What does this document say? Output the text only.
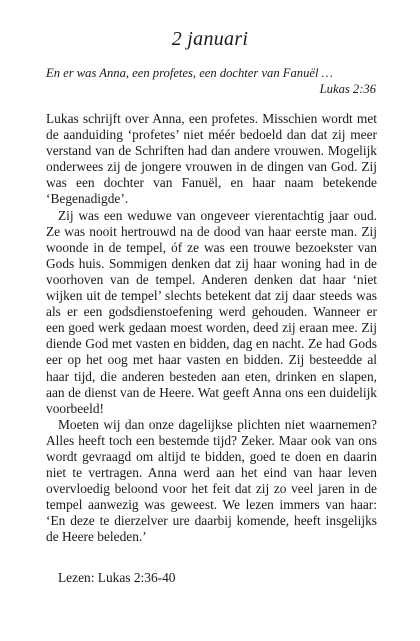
2 januari
En er was Anna, een profetes, een dochter van Fanuël …
Lukas 2:36

Lukas schrijft over Anna, een profetes. Misschien wordt met de aanduiding ‘profetes’ niet méér bedoeld dan dat zij meer verstand van de Schriften had dan andere vrouwen. Mogelijk onderwees zij de jongere vrouwen in de dingen van God. Zij was een dochter van Fanuël, en haar naam betekende ‘Begenadigde’.

Zij was een weduwe van ongeveer vierentachtig jaar oud. Ze was nooit hertrouwd na de dood van haar eerste man. Zij woonde in de tempel, óf ze was een trouwe bezoekster van Gods huis. Sommigen denken dat zij haar woning had in de voorhoven van de tempel. Anderen denken dat haar ‘niet wijken uit de tempel’ slechts betekent dat zij daar steeds was als er een godsdienstoefening werd gehouden. Wanneer er een goed werk gedaan moest worden, deed zij eraan mee. Zij diende God met vasten en bidden, dag en nacht. Ze had Gods eer op het oog met haar vasten en bidden. Zij besteedde al haar tijd, die anderen besteden aan eten, drinken en slapen, aan de dienst van de Heere. Wat geeft Anna ons een duidelijk voorbeeld!

Moeten wij dan onze dagelijkse plichten niet waarnemen? Alles heeft toch een bestemde tijd? Zeker. Maar ook van ons wordt gevraagd om altijd te bidden, goed te doen en daarin niet te vertragen. Anna werd aan het eind van haar leven overvloedig beloond voor het feit dat zij zo veel jaren in de tempel aanwezig was geweest. We lezen immers van haar: ‘En deze te dierzelver ure daarbij komende, heeft insgelijks de Heere beleden.’

Lezen: Lukas 2:36-40
